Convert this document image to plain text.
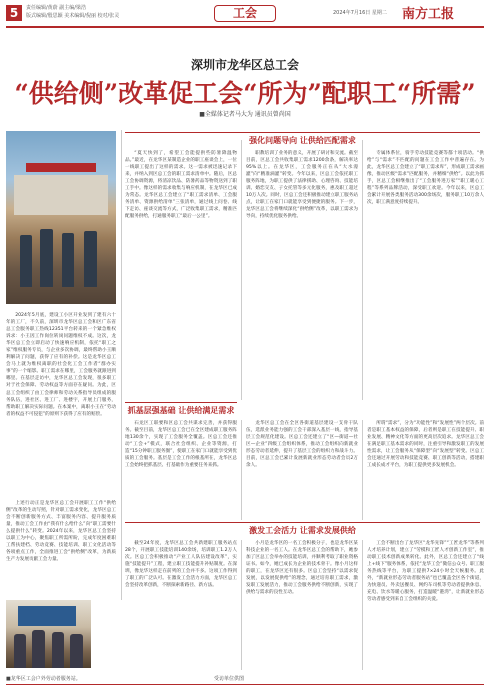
5	责任编辑/黄蔚 副主编/梁浩
版式编辑/殷思颖 美术编辑/倪丽 校对/张灵	工会	2024年7月16日 星期二 南方工报
深圳市龙华区总工会
“供给侧”改革促工会“所为”配职工“所需”
■全媒体记者马大为 通讯员曾尚国
强化问题导向 让供给匹配需求

2024年5月底，建设工小区开业发到了建有六十年的工厂，不久前，深圳市龙华区总工会和区广东省总工会服务职工热线12351平台转来的一个紧急维权诉求：小王因工作岗位转岗问题维权不成。这次，龙华区总工会立即启动了快速响应机制，依托“职工之家”维权服务专员，与企业多次协调，最终帮助小王顺利解决了问题，获得了应有的补偿。这是龙华区总工会马上就为维权离职的社会化工会工作者“群办实事”的一个缩影。职工需求在哪里，工会服务就跟进到哪里。在基层走访中，龙华区总工会发现，很多职工对于社会保障、劳动权益等方面存在疑问。为此，区总工会组织了由工会律师和劳动关系指导员组成的服务队伍，进社区、进工厂、进楼宇，开展上门服务，帮助职工解决实际问题。在本案中，离职小王在“劳动者的权益不可侵犯”的原则下获得了应有的赔偿。

上述行动正是龙华区总工会开展职工工作“供给侧”改革的生动写照，针对职工需求变化，龙华区总工会不断创新服务方式、丰富服务内容、提升服务质量，推动工会工作由“我有什么给什么”向“职工需要什么提供什么”转变。2024年以来，龙华区总工会坚持以职工为中心，聚焦职工所需所盼，完成年度困难职工帮扶建档、劳动竞赛、技能培训、职工文化活动等各项重点工作，全面推进工会“供给侧”改革，为新质生产力发展贡献工会力量。

“夏天快到了，希望工会能提供些防暑降温物品。”最近，在龙华区某制造企业的职工座谈会上，一位一线职工提出了这样的需求。这一需求被迅速记录下来，并纳入到区总工会的职工需求清单中。随后，区总工会协调资源，将清凉饮品、防暑药品等物资送到了职工手中。像这样的需求收集与响应机制，在龙华区已成为常态。龙华区总工会建立了“职工需求清单、工会服务清单、资源供给清单”三张清单，通过线上问卷、线下走访、座谈交流等方式，广泛收集职工需求，精准匹配服务供给，打通服务职工“最后一公里”。

职教培训了业务的意义，开展了研讨和交流。截至目前，区总工会共收集职工需求1200余条，解决率达95%以上。在龙华区，工会服务正在从“大水漫灌”向“精准滴灌”转变。今年以来，区总工会依托职工服务阵地，为职工提供了法律援助、心理咨询、技能培训、婚恋交友、子女托管等多元化服务，惠及职工超过10万人次。同时，区总工会还积极推动建立职工服务站点，让职工在家门口就能享受到便捷的服务。下一步，龙华区总工会将继续深化“供给侧”改革，以职工需求为导向，持续优化服务供给。

专属体系位，骑手劳动技能竞赛等都十项活动。“供给”与“需求”不匹配的问题在工会工作中普遍存在。为此，龙华区总工会建立了“职工需求库”，形成职工需求画像，推动区级“需求”匹配服务，并精细“供给”。以此为抓手，区总工会相继推出了“工会服务进万家”“职工暖心工程”等系列品牌活动，深受职工欢迎。今年以来，区总工会累计开展各类服务活动300余场次，服务职工10万余人次，职工满意度持续提升。

抓基层强基础 让供给满足需求

石龙区工联要和区总工会共谋求完善，并获得服务。截至目前，龙华区总工会已在全区建成职工服务阵地130余个，实现了工会服务全覆盖。区总工会还推动“工会+”模式，联合社会组织、企业等资源，打造“15分钟职工服务圈”，使职工在家门口就能享受到优质的工会服务。基层是工会工作的根基所在，龙华区总工会始终把抓基层、打基础作为重要任务来抓。

龙华区总工会在全区各街道基层建设一支骨干队伍，选派业务能力强的工会干部深入基层一线，指导基层工会规范化建设。区总工会还建立了“区—街道—社区—企业”四级工会组织体系，推动工会组织向新就业形态劳动者延伸，提升了基层工会的组织力和战斗力。目前，区总工会已累计发展新就业形态劳动者会员2万余人。

所谓“需求”，分为“功能性”和“发展性”两个层次。前者是职工基本权益的保障，后者则是职工在技能提升、职业发展、精神文化等方面的更高层次追求。龙华区总工会在满足职工基本需求的同时，注重引导和激发职工的发展性需求，让工会服务从“保障型”向“发展型”转变。区总工会还通过开展劳动和技能竞赛、职工创新等活动，搭建职工成长成才平台，为职工提供更多发展机会。

激发工会活力 让需求发展供给

截至24年度，龙华区总工会共新建职工服务站点28个，开展职工技能培训140余场，培训职工1.2万人次。区总工会积极推动“产业工人队伍建设改革”，实施“技能提升”工程，建立职工技能提升补贴制度。在深圳，像龙华这样走在前列的工会并不多。这项工作得到了职工的广泛认可。在激发工会活力方面，龙华区总工会坚持改革创新，不断探索新路径、新方法。

小月是龙华区的一名工会积极分子，也是龙华区某科技企业的一名工人。在龙华区总工会的帮助下，她参加了区总工会举办的技能培训，并顺利考取了职业资格证书。如今，她已成长为企业的技术骨干。像小月这样的职工，在龙华区还有很多。区总工会坚持“以需求促发展，以发展促供给”的理念，通过培育职工需求，激发职工发展活力，推动工会服务供给不断创新，实现了供给与需求的良性互动。

工会不断出台了龙华区“龙华先锋”“工匠龙华”等系列人才培养计划，建立了“劳模和工匠人才创新工作室”，推动职工技术创新成果转化。此外，区总工会还建立了“线上+线下”服务体系，依托“龙华工会”微信公众号、职工服务热线等平台，为职工提供7×24小时全天候服务。此外，“新就业形态劳动者服务站”也已覆盖全区各个街道，为快递员、外卖送餐员、网约车司机等劳动者提供休息、充电、饮水等暖心服务，打造温暖“港湾”，让新就业形态劳动者感受到来自工会组织的关爱。

■龙华区工会户外劳动者服务站。	受访单位供图
